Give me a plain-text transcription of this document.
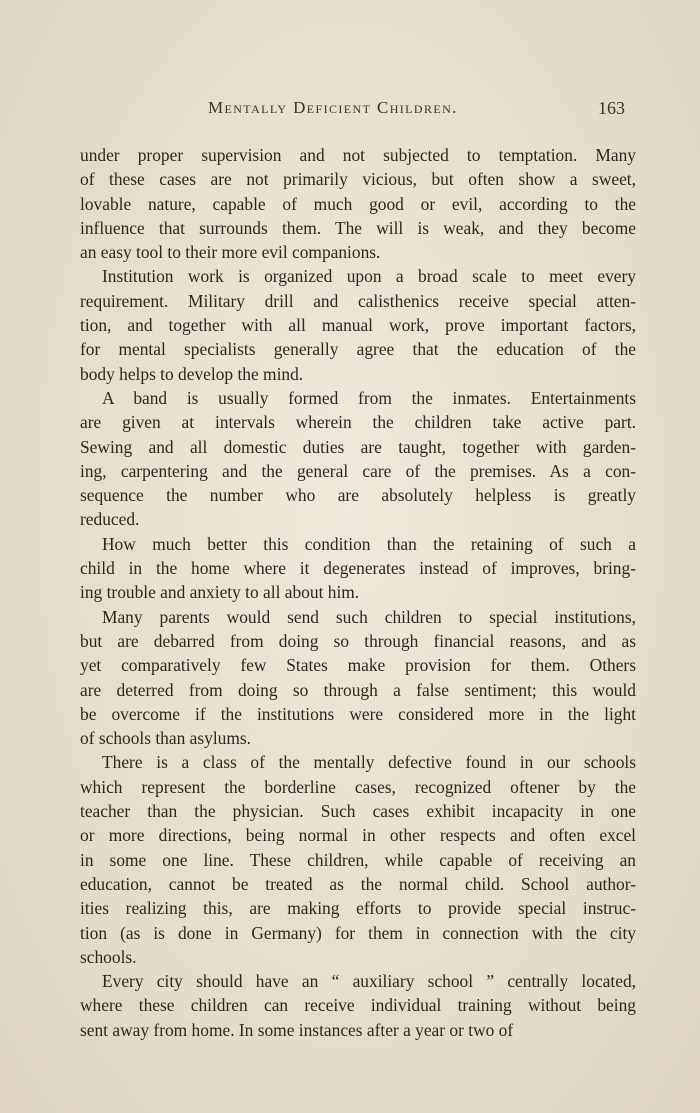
Mentally Deficient Children.	163
under proper supervision and not subjected to temptation. Many
of these cases are not primarily vicious, but often show a sweet,
lovable nature, capable of much good or evil, according to the
influence that surrounds them. The will is weak, and they become
an easy tool to their more evil companions.
Institution work is organized upon a broad scale to meet every
requirement. Military drill and calisthenics receive special atten-
tion, and together with all manual work, prove important factors,
for mental specialists generally agree that the education of the
body helps to develop the mind.
A band is usually formed from the inmates. Entertainments
are given at intervals wherein the children take active part.
Sewing and all domestic duties are taught, together with garden-
ing, carpentering and the general care of the premises. As a con-
sequence the number who are absolutely helpless is greatly
reduced.
How much better this condition than the retaining of such a
child in the home where it degenerates instead of improves, bring-
ing trouble and anxiety to all about him.
Many parents would send such children to special institutions,
but are debarred from doing so through financial reasons, and as
yet comparatively few States make provision for them. Others
are deterred from doing so through a false sentiment; this would
be overcome if the institutions were considered more in the light
of schools than asylums.
There is a class of the mentally defective found in our schools
which represent the borderline cases, recognized oftener by the
teacher than the physician. Such cases exhibit incapacity in one
or more directions, being normal in other respects and often excel
in some one line. These children, while capable of receiving an
education, cannot be treated as the normal child. School author-
ities realizing this, are making efforts to provide special instruc-
tion (as is done in Germany) for them in connection with the city
schools.
Every city should have an “ auxiliary school ” centrally located,
where these children can receive individual training without being
sent away from home. In some instances after a year or two of
